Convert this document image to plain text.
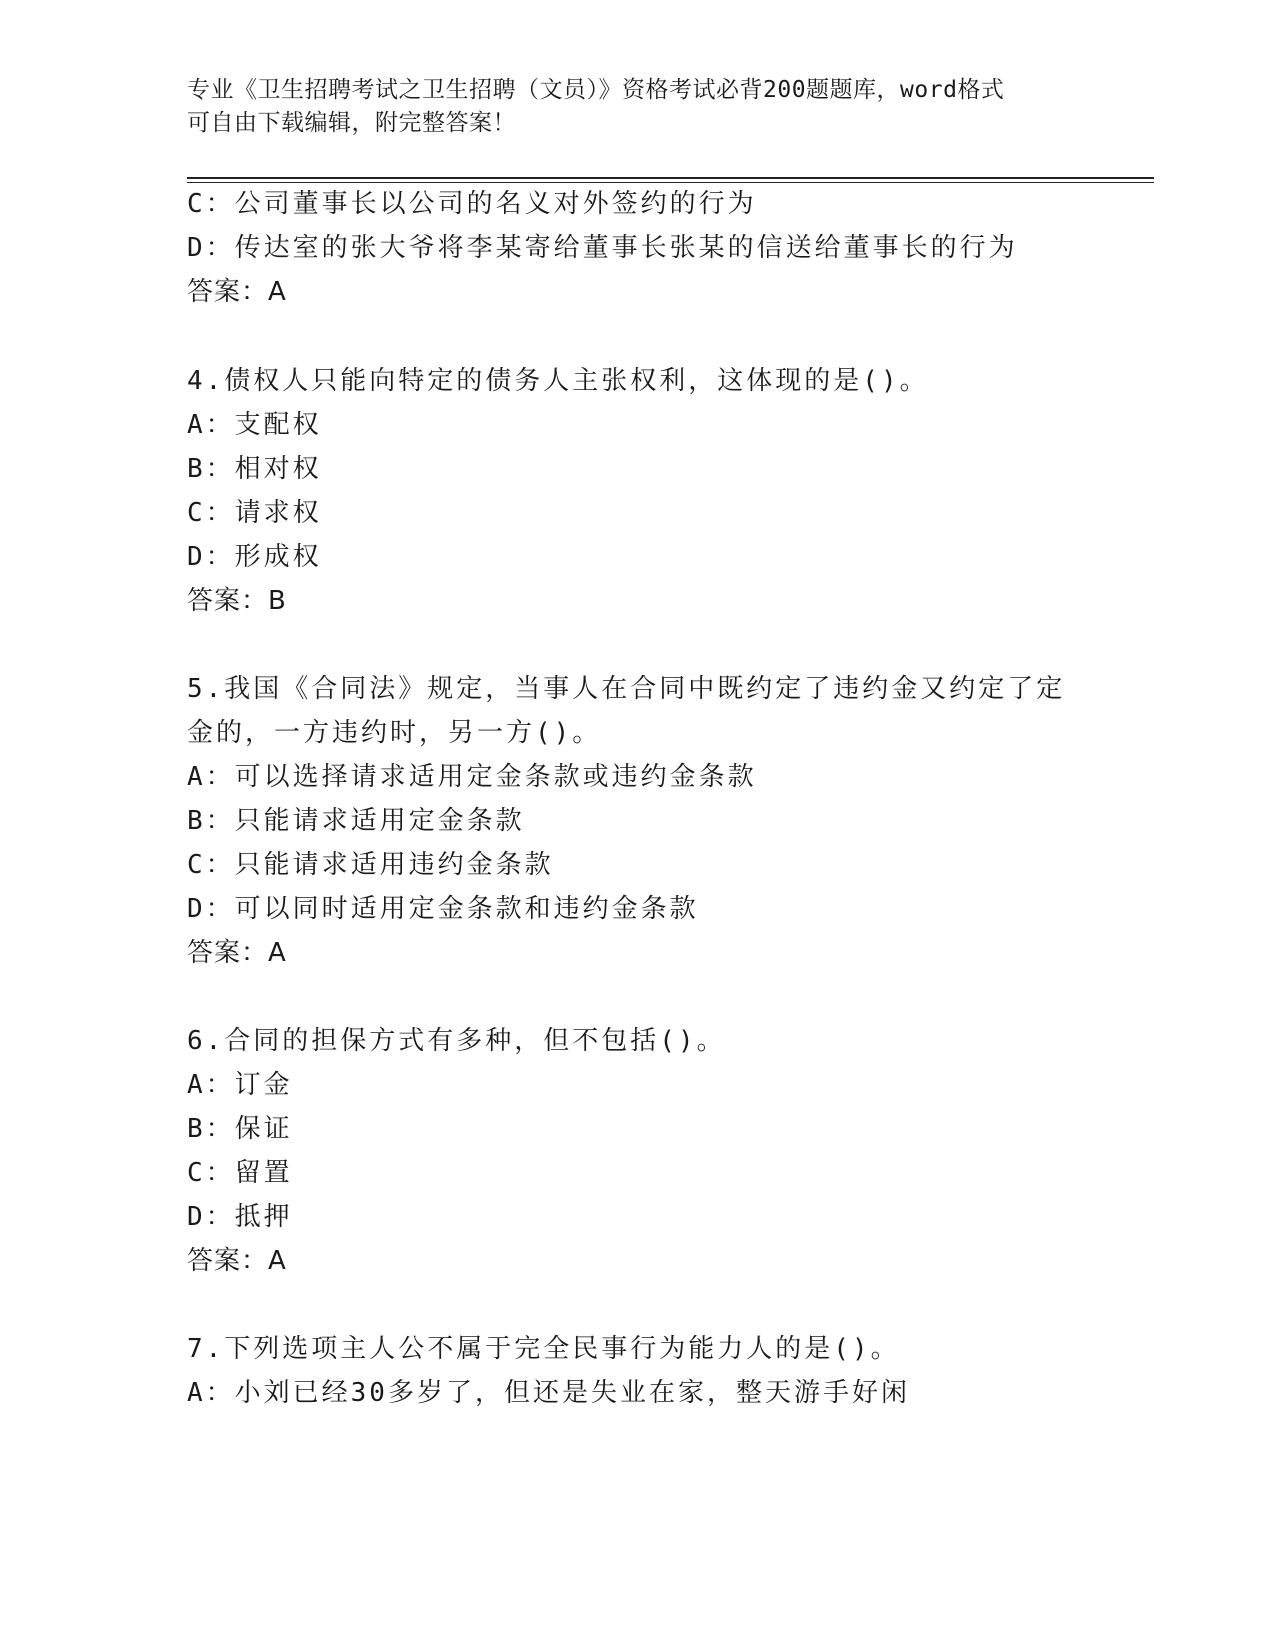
专业《卫生招聘考试之卫生招聘（文员）》资格考试必背200题题库，word格式
可自由下载编辑，附完整答案！
C：公司董事长以公司的名义对外签约的行为
D：传达室的张大爷将李某寄给董事长张某的信送给董事长的行为
答案：A
4.债权人只能向特定的债务人主张权利，这体现的是()。
A：支配权
B：相对权
C：请求权
D：形成权
答案：B
5.我国《合同法》规定，当事人在合同中既约定了违约金又约定了定
金的，一方违约时，另一方()。
A：可以选择请求适用定金条款或违约金条款
B：只能请求适用定金条款
C：只能请求适用违约金条款
D：可以同时适用定金条款和违约金条款
答案：A
6.合同的担保方式有多种，但不包括()。
A：订金
B：保证
C：留置
D：抵押
答案：A
7.下列选项主人公不属于完全民事行为能力人的是()。
A：小刘已经30多岁了，但还是失业在家，整天游手好闲
